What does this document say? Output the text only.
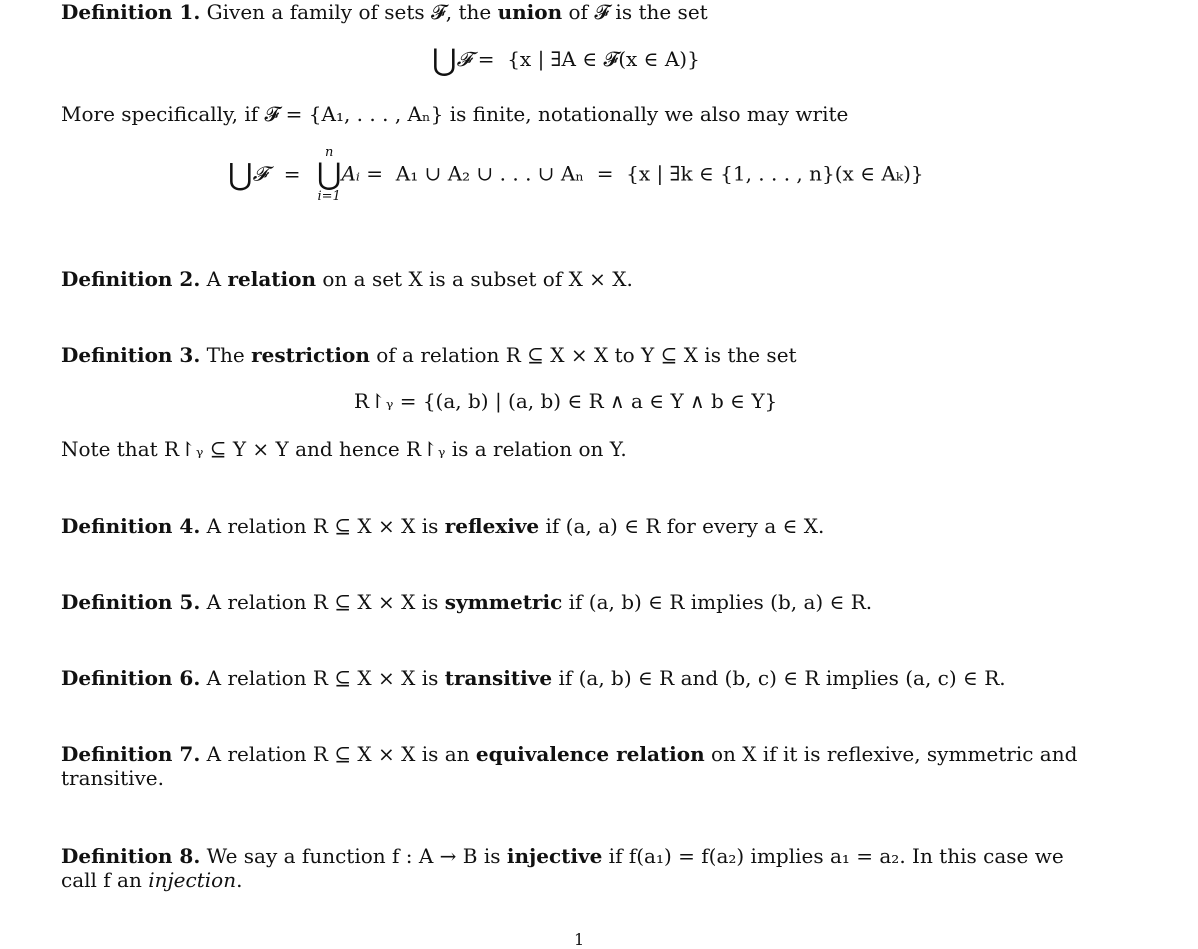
Definition 1. Given a family of sets 𝓕, the union of 𝓕 is the set
⋃𝓕 =  {x | ∃A ∈ 𝓕(x ∈ A)}
More specifically, if 𝓕 = {A₁, . . . , Aₙ} is finite, notationally we also may write
⋃𝓕 =
n
⋃
i=1
Aᵢ =  A₁ ∪ A₂ ∪ . . . ∪ Aₙ  =  {x | ∃k ∈ {1, . . . , n}(x ∈ Aₖ)}
Definition 2. A relation on a set X is a subset of X × X.
Definition 3. The restriction of a relation R ⊆ X × X to Y ⊆ X is the set
R↾ᵧ = {(a, b) | (a, b) ∈ R ∧ a ∈ Y ∧ b ∈ Y}
Note that R↾ᵧ ⊆ Y × Y and hence R↾ᵧ is a relation on Y.
Definition 4. A relation R ⊆ X × X is reflexive if (a, a) ∈ R for every a ∈ X.
Definition 5. A relation R ⊆ X × X is symmetric if (a, b) ∈ R implies (b, a) ∈ R.
Definition 6. A relation R ⊆ X × X is transitive if (a, b) ∈ R and (b, c) ∈ R implies (a, c) ∈ R.
Definition 7. A relation R ⊆ X × X is an equivalence relation on X if it is reflexive, symmetric and transitive.
Definition 8. We say a function f : A → B is injective if f(a₁) = f(a₂) implies a₁ = a₂. In this case we call f an injection.
1
